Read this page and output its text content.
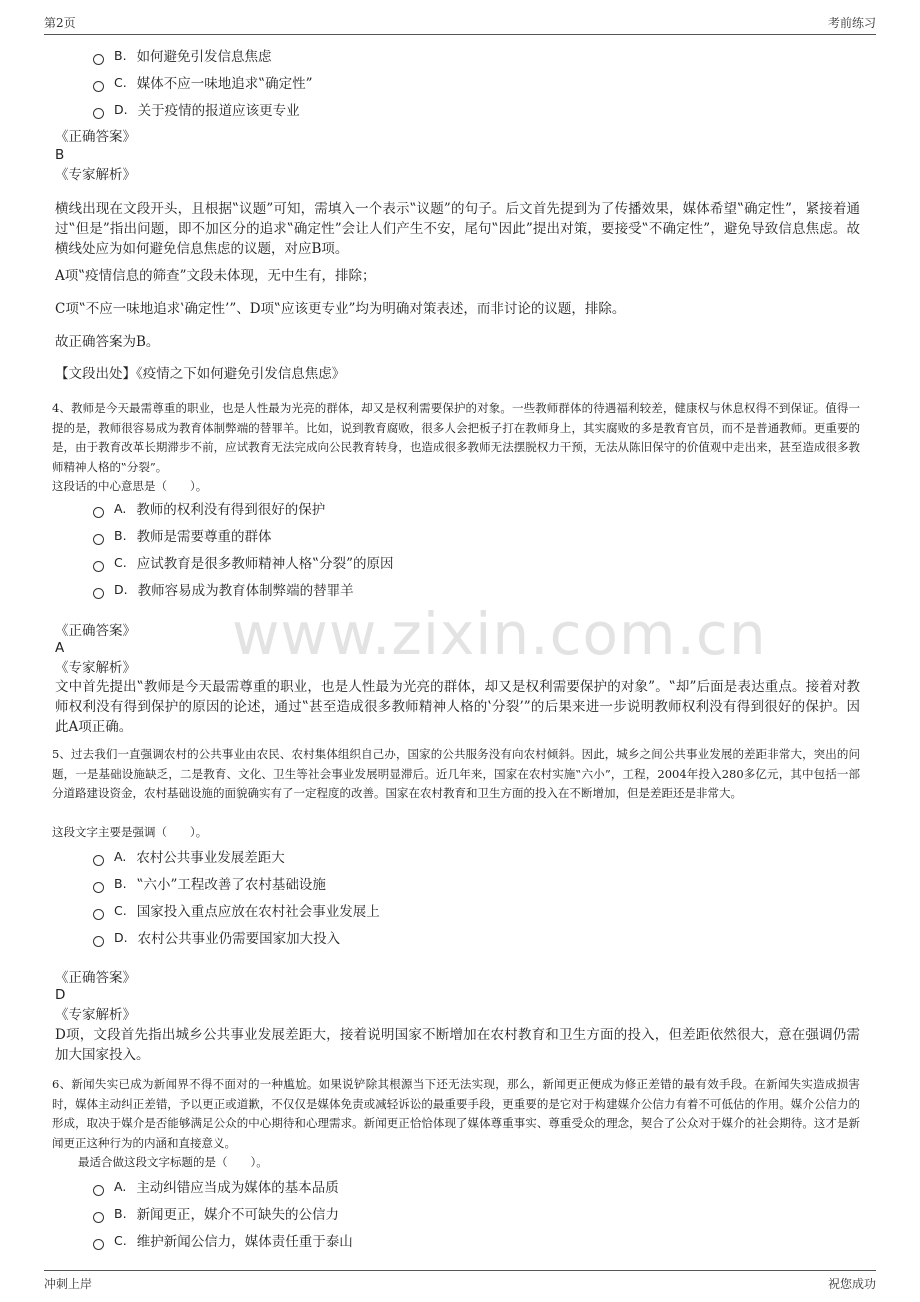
第2页	考前练习
www.zixin.com.cn
B. 如何避免引发信息焦虑
C. 媒体不应一味地追求‟确定性”
D. 关于疫情的报道应该更专业
《正确答案》
B
《专家解析》
横线出现在文段开头，且根据‟议题”可知，需填入一个表示‟议题”的句子。后文首先提到为了传播效果，媒体希望‟确定性”，紧接着通过‟但是”指出问题，即不加区分的追求‟确定性”会让人们产生不安，尾句‟因此”提出对策，要接受‟不确定性”，避免导致信息焦虑。故横线处应为如何避免信息焦虑的议题，对应B项。
A项‟疫情信息的筛查”文段未体现，无中生有，排除；
C项‟不应一味地追求‛确定性’”、D项‟应该更专业”均为明确对策表述，而非讨论的议题，排除。
故正确答案为B。
【文段出处】《疫情之下如何避免引发信息焦虑》
4、教师是今天最需尊重的职业，也是人性最为光亮的群体，却又是权利需要保护的对象。一些教师群体的待遇福利较差，健康权与休息权得不到保证。值得一提的是，教师很容易成为教育体制弊端的替罪羊。比如，说到教育腐败，很多人会把板子打在教师身上，其实腐败的多是教育官员，而不是普通教师。更重要的是，由于教育改革长期滞步不前，应试教育无法完成向公民教育转身，也造成很多教师无法摆脱权力干预，无法从陈旧保守的价值观中走出来，甚至造成很多教师精神人格的‟分裂”。
这段话的中心意思是（　　）。
A. 教师的权利没有得到很好的保护
B. 教师是需要尊重的群体
C. 应试教育是很多教师精神人格‟分裂”的原因
D. 教师容易成为教育体制弊端的替罪羊
《正确答案》
A
《专家解析》
文中首先提出‟教师是今天最需尊重的职业，也是人性最为光亮的群体，却又是权利需要保护的对象”。‟却”后面是表达重点。接着对教师权利没有得到保护的原因的论述，通过‟甚至造成很多教师精神人格的‛分裂’”的后果来进一步说明教师权利没有得到很好的保护。因此A项正确。
5、过去我们一直强调农村的公共事业由农民、农村集体组织自己办，国家的公共服务没有向农村倾斜。因此，城乡之间公共事业发展的差距非常大，突出的问题，一是基础设施缺乏，二是教育、文化、卫生等社会事业发展明显滞后。近几年来，国家在农村实施‟六小”，工程，2004年投入280多亿元，其中包括一部分道路建设资金，农村基础设施的面貌确实有了一定程度的改善。国家在农村教育和卫生方面的投入在不断增加，但是差距还是非常大。
这段文字主要是强调（　　）。
A. 农村公共事业发展差距大
B. ‟六小”工程改善了农村基础设施
C. 国家投入重点应放在农村社会事业发展上
D. 农村公共事业仍需要国家加大投入
《正确答案》
D
《专家解析》
D项，文段首先指出城乡公共事业发展差距大，接着说明国家不断增加在农村教育和卫生方面的投入，但差距依然很大，意在强调仍需加大国家投入。
6、新闻失实已成为新闻界不得不面对的一种尴尬。如果说铲除其根源当下还无法实现，那么，新闻更正便成为修正差错的最有效手段。在新闻失实造成损害时，媒体主动纠正差错，予以更正或道歉，不仅仅是媒体免责或减轻诉讼的最重要手段，更重要的是它对于构建媒介公信力有着不可低估的作用。媒介公信力的形成，取决于媒介是否能够满足公众的中心期待和心理需求。新闻更正恰恰体现了媒体尊重事实、尊重受众的理念，契合了公众对于媒介的社会期待。这才是新闻更正这种行为的内涵和直接意义。
最适合做这段文字标题的是（　　）。
A. 主动纠错应当成为媒体的基本品质
B. 新闻更正，媒介不可缺失的公信力
C. 维护新闻公信力，媒体责任重于泰山
冲刺上岸	祝您成功
